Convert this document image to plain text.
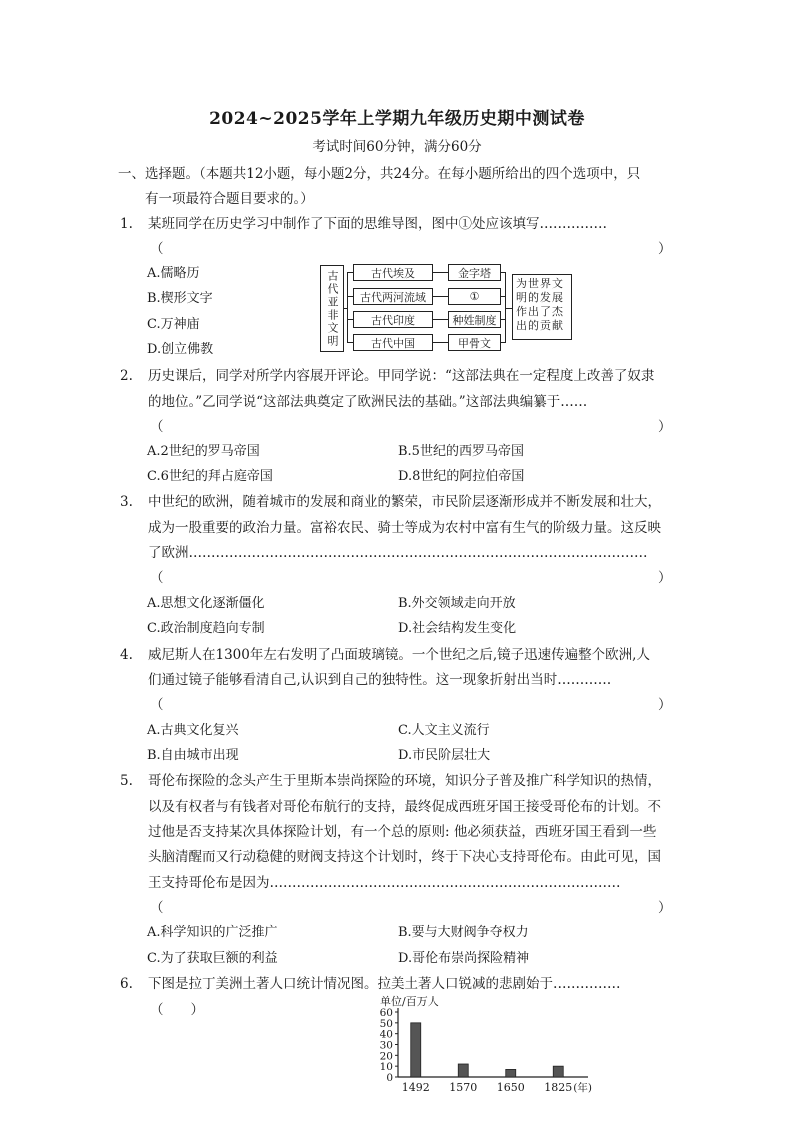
2024~2025学年上学期九年级历史期中测试卷
考试时间60分钟，满分60分
一、选择题。（本题共12小题，每小题2分，共24分。在每小题所给出的四个选项中，只
有一项最符合题目要求的。）
1. 某班同学在历史学习中制作了下面的思维导图，图中①处应该填写……………
（	）
A.儒略历
B.楔形文字
C.万神庙
D.创立佛教
古代亚非文明	古代埃及
古代两河流域
古代印度
古代中国
金字塔
①
种姓制度
甲骨文
为世界文明的发展作出了杰出的贡献
2. 历史课后，同学对所学内容展开评论。甲同学说：“这部法典在一定程度上改善了奴隶
的地位。”乙同学说“这部法典奠定了欧洲民法的基础。”这部法典编纂于……
（	）
A.2世纪的罗马帝国	B.5世纪的西罗马帝国
C.6世纪的拜占庭帝国	D.8世纪的阿拉伯帝国
3. 中世纪的欧洲，随着城市的发展和商业的繁荣，市民阶层逐渐形成并不断发展和壮大，
成为一股重要的政治力量。富裕农民、骑士等成为农村中富有生气的阶级力量。这反映
了欧洲…………………………………………………………………………………………
（	）
A.思想文化逐渐僵化	B.外交领域走向开放
C.政治制度趋向专制	D.社会结构发生变化
4. 威尼斯人在1300年左右发明了凸面玻璃镜。一个世纪之后,镜子迅速传遍整个欧洲,人
们通过镜子能够看清自己,认识到自己的独特性。这一现象折射出当时…………
（	）
A.古典文化复兴	C.人文主义流行
B.自由城市出现	D.市民阶层壮大
5. 哥伦布探险的念头产生于里斯本崇尚探险的环境，知识分子普及推广科学知识的热情，
以及有权者与有钱者对哥伦布航行的支持，最终促成西班牙国王接受哥伦布的计划。不
过他是否支持某次具体探险计划，有一个总的原则: 他必须获益，西班牙国王看到一些
头脑清醒而又行动稳健的财阀支持这个计划时，终于下决心支持哥伦布。由此可见，国
王支持哥伦布是因为……………………………………………………………………
（	）
A.科学知识的广泛推广	B.要与大财阀争夺权力
C.为了获取巨额的利益	D.哥伦布崇尚探险精神
6. 下图是拉丁美洲土著人口统计情况图。拉美土著人口锐减的悲剧始于……………
（　　）
单位/百万人
0
10
20
30
40
50
60
1492 1570 1650 1825 (年)
